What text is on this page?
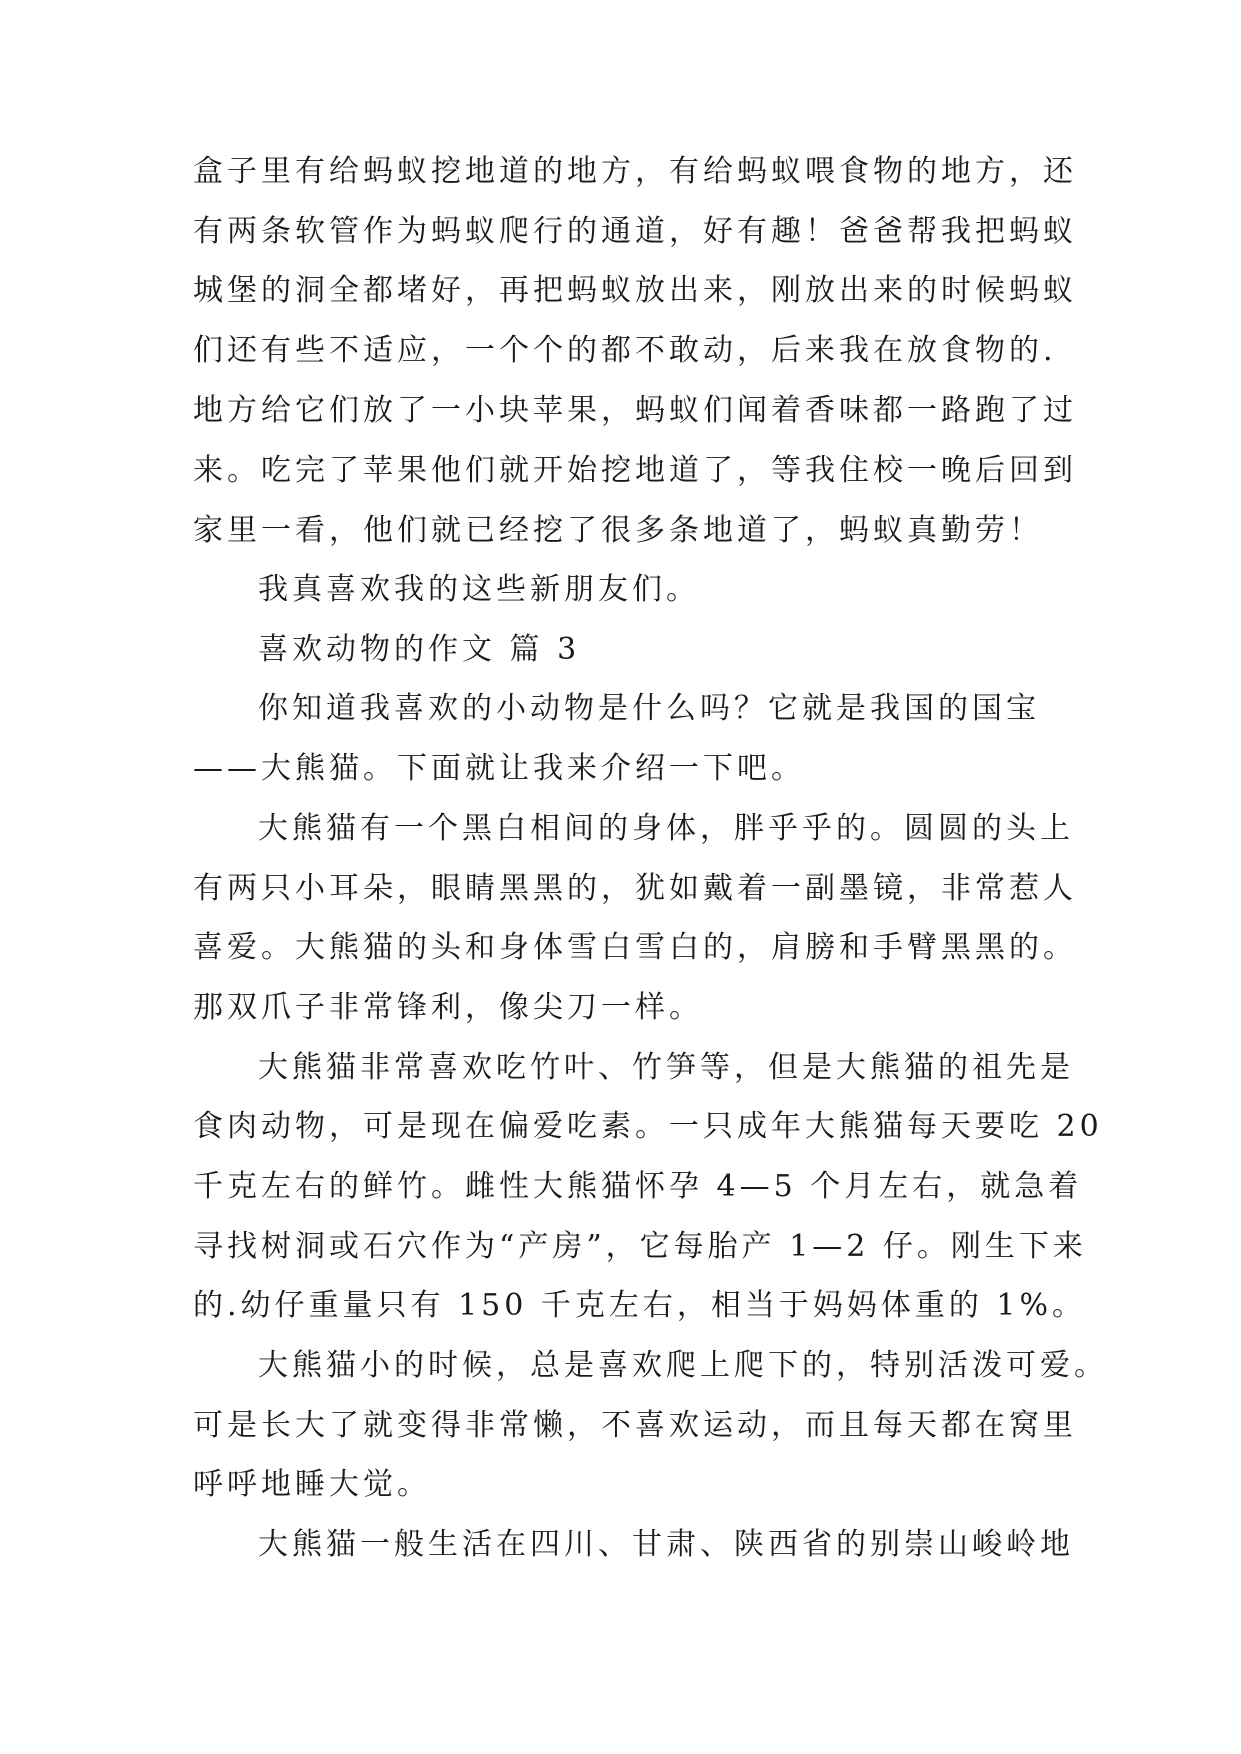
盒子里有给蚂蚁挖地道的地方，有给蚂蚁喂食物的地方，还
有两条软管作为蚂蚁爬行的通道，好有趣！爸爸帮我把蚂蚁
城堡的洞全都堵好，再把蚂蚁放出来，刚放出来的时候蚂蚁
们还有些不适应，一个个的都不敢动，后来我在放食物的.
地方给它们放了一小块苹果，蚂蚁们闻着香味都一路跑了过
来。吃完了苹果他们就开始挖地道了，等我住校一晚后回到
家里一看，他们就已经挖了很多条地道了，蚂蚁真勤劳！
我真喜欢我的这些新朋友们。
喜欢动物的作文 篇 3
你知道我喜欢的小动物是什么吗？它就是我国的国宝
——大熊猫。下面就让我来介绍一下吧。
大熊猫有一个黑白相间的身体，胖乎乎的。圆圆的头上
有两只小耳朵，眼睛黑黑的，犹如戴着一副墨镜，非常惹人
喜爱。大熊猫的头和身体雪白雪白的，肩膀和手臂黑黑的。
那双爪子非常锋利，像尖刀一样。
大熊猫非常喜欢吃竹叶、竹笋等，但是大熊猫的祖先是
食肉动物，可是现在偏爱吃素。一只成年大熊猫每天要吃 20
千克左右的鲜竹。雌性大熊猫怀孕 4—5 个月左右，就急着
寻找树洞或石穴作为“产房”，它每胎产 1—2 仔。刚生下来
的.幼仔重量只有 150 千克左右，相当于妈妈体重的 1%。
大熊猫小的时候，总是喜欢爬上爬下的，特别活泼可爱。
可是长大了就变得非常懒，不喜欢运动，而且每天都在窝里
呼呼地睡大觉。
大熊猫一般生活在四川、甘肃、陕西省的别崇山峻岭地
